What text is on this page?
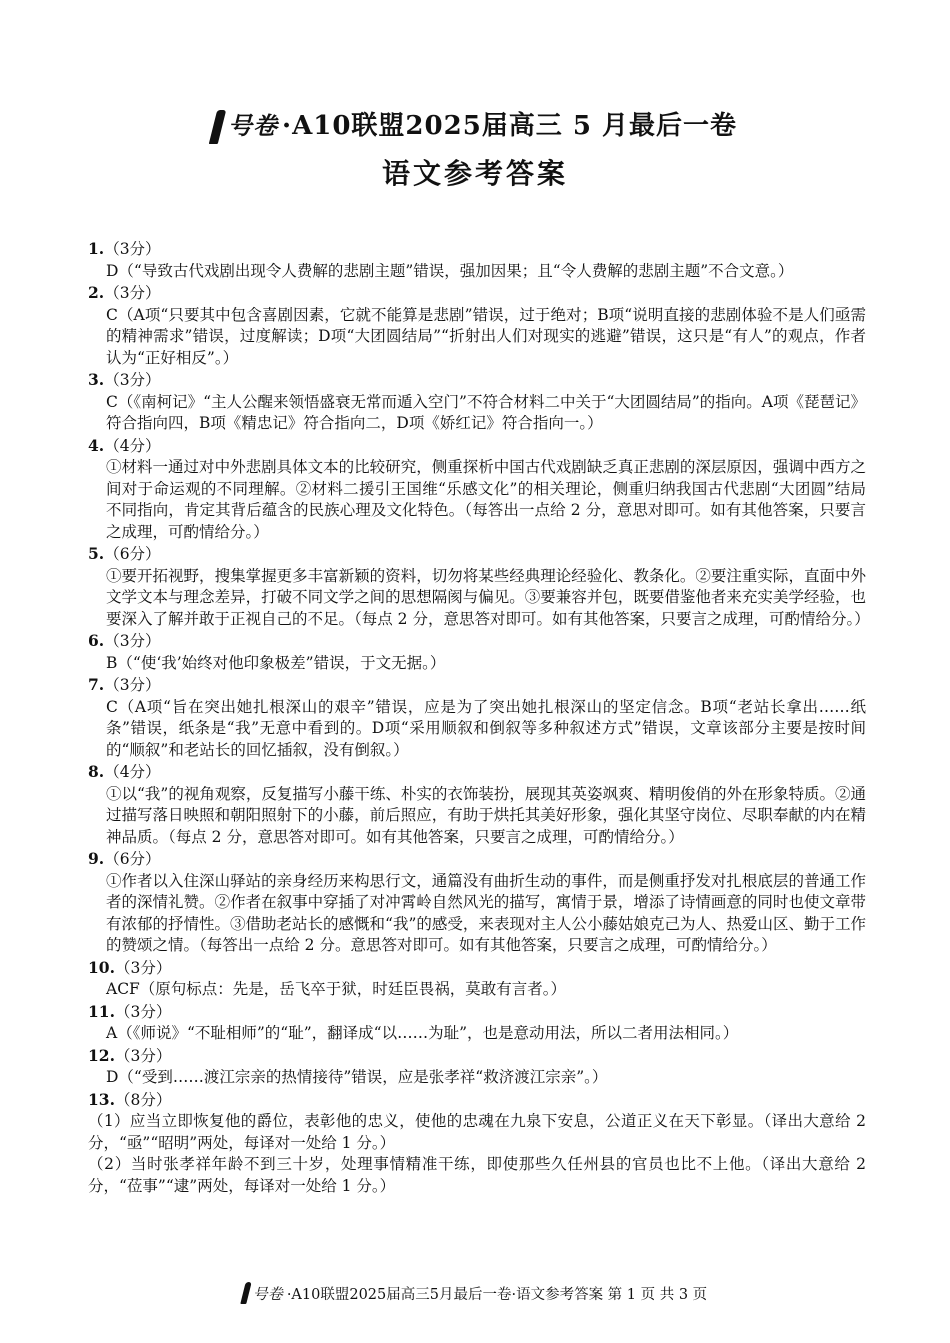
号卷 ·A10联盟2025届高三 5 月最后一卷
语文参考答案
1.（3分）
D（“导致古代戏剧出现令人费解的悲剧主题”错误，强加因果；且“令人费解的悲剧主题”不合文意。）
2.（3分）
C（A项“只要其中包含喜剧因素，它就不能算是悲剧”错误，过于绝对；B项“说明直接的悲剧体验不是人们亟需的精神需求”错误，过度解读；D项“大团圆结局”“折射出人们对现实的逃避”错误，这只是“有人”的观点，作者认为“正好相反”。）
3.（3分）
C（《南柯记》“主人公醒来领悟盛衰无常而遁入空门”不符合材料二中关于“大团圆结局”的指向。A项《琵琶记》符合指向四，B项《精忠记》符合指向二，D项《娇红记》符合指向一。）
4.（4分）
①材料一通过对中外悲剧具体文本的比较研究，侧重探析中国古代戏剧缺乏真正悲剧的深层原因，强调中西方之间对于命运观的不同理解。②材料二援引王国维“乐感文化”的相关理论，侧重归纳我国古代悲剧“大团圆”结局不同指向，肯定其背后蕴含的民族心理及文化特色。（每答出一点给 2 分，意思对即可。如有其他答案，只要言之成理，可酌情给分。）
5.（6分）
①要开拓视野，搜集掌握更多丰富新颖的资料，切勿将某些经典理论经验化、教条化。②要注重实际，直面中外文学文本与理念差异，打破不同文学之间的思想隔阂与偏见。③要兼容并包，既要借鉴他者来充实美学经验，也要深入了解并敢于正视自己的不足。（每点 2 分，意思答对即可。如有其他答案，只要言之成理，可酌情给分。）
6.（3分）
B（“使‘我’始终对他印象极差”错误，于文无据。）
7.（3分）
C（A项“旨在突出她扎根深山的艰辛”错误，应是为了突出她扎根深山的坚定信念。B项“老站长拿出……纸条”错误，纸条是“我”无意中看到的。D项“采用顺叙和倒叙等多种叙述方式”错误，文章该部分主要是按时间的“顺叙”和老站长的回忆插叙，没有倒叙。）
8.（4分）
①以“我”的视角观察，反复描写小藤干练、朴实的衣饰装扮，展现其英姿飒爽、精明俊俏的外在形象特质。②通过描写落日映照和朝阳照射下的小藤，前后照应，有助于烘托其美好形象，强化其坚守岗位、尽职奉献的内在精神品质。（每点 2 分，意思答对即可。如有其他答案，只要言之成理，可酌情给分。）
9.（6分）
①作者以入住深山驿站的亲身经历来构思行文，通篇没有曲折生动的事件，而是侧重抒发对扎根底层的普通工作者的深情礼赞。②作者在叙事中穿插了对冲霄岭自然风光的描写，寓情于景，增添了诗情画意的同时也使文章带有浓郁的抒情性。③借助老站长的感慨和“我”的感受，来表现对主人公小藤姑娘克己为人、热爱山区、勤于工作的赞颂之情。（每答出一点给 2 分。意思答对即可。如有其他答案，只要言之成理，可酌情给分。）
10.（3分）
ACF（原句标点：先是，岳飞卒于狱，时廷臣畏祸，莫敢有言者。）
11.（3分）
A（《师说》“不耻相师”的“耻”，翻译成“以……为耻”，也是意动用法，所以二者用法相同。）
12.（3分）
D（“受到……渡江宗亲的热情接待”错误，应是张孝祥“救济渡江宗亲”。）
13.（8分）
（1）应当立即恢复他的爵位，表彰他的忠义，使他的忠魂在九泉下安息，公道正义在天下彰显。（译出大意给 2 分，“亟”“昭明”两处，每译对一处给 1 分。）
（2）当时张孝祥年龄不到三十岁，处理事情精准干练，即使那些久任州县的官员也比不上他。（译出大意给 2 分，“莅事”“逮”两处，每译对一处给 1 分。）
号卷 ·A10联盟2025届高三5月最后一卷·语文参考答案 第 1 页 共 3 页
